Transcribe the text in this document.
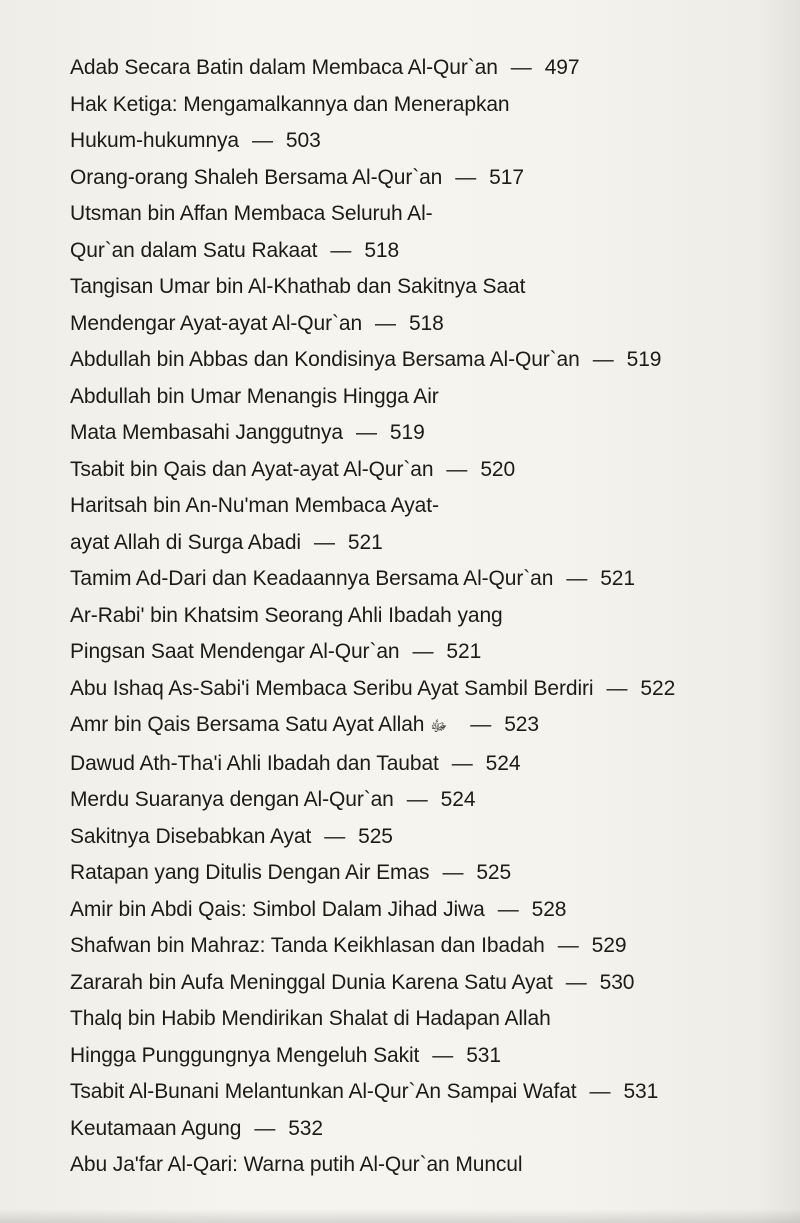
Adab Secara Batin dalam Membaca Al-Qur`an — 497
Hak Ketiga: Mengamalkannya dan Menerapkan
Hukum-hukumnya — 503
Orang-orang Shaleh Bersama Al-Qur`an — 517
Utsman bin Affan Membaca Seluruh Al-
Qur`an dalam Satu Rakaat — 518
Tangisan Umar bin Al-Khathab dan Sakitnya Saat
Mendengar Ayat-ayat Al-Qur`an — 518
Abdullah bin Abbas dan Kondisinya Bersama Al-Qur`an — 519
Abdullah bin Umar Menangis Hingga Air
Mata Membasahi Janggutnya — 519
Tsabit bin Qais dan Ayat-ayat Al-Qur`an — 520
Haritsah bin An-Nu'man Membaca Ayat-
ayat Allah di Surga Abadi — 521
Tamim Ad-Dari dan Keadaannya Bersama Al-Qur`an — 521
Ar-Rabi' bin Khatsim Seorang Ahli Ibadah yang
Pingsan Saat Mendengar Al-Qur`an — 521
Abu Ishaq As-Sabi'i Membaca Seribu Ayat Sambil Berdiri — 522
Amr bin Qais Bersama Satu Ayat Allah ﷻ — 523
Dawud Ath-Tha'i Ahli Ibadah dan Taubat — 524
Merdu Suaranya dengan Al-Qur`an — 524
Sakitnya Disebabkan Ayat — 525
Ratapan yang Ditulis Dengan Air Emas — 525
Amir bin Abdi Qais: Simbol Dalam Jihad Jiwa — 528
Shafwan bin Mahraz: Tanda Keikhlasan dan Ibadah — 529
Zararah bin Aufa Meninggal Dunia Karena Satu Ayat — 530
Thalq bin Habib Mendirikan Shalat di Hadapan Allah
Hingga Punggungnya Mengeluh Sakit — 531
Tsabit Al-Bunani Melantunkan Al-Qur`An Sampai Wafat — 531
Keutamaan Agung — 532
Abu Ja'far Al-Qari: Warna putih Al-Qur`an Muncul
